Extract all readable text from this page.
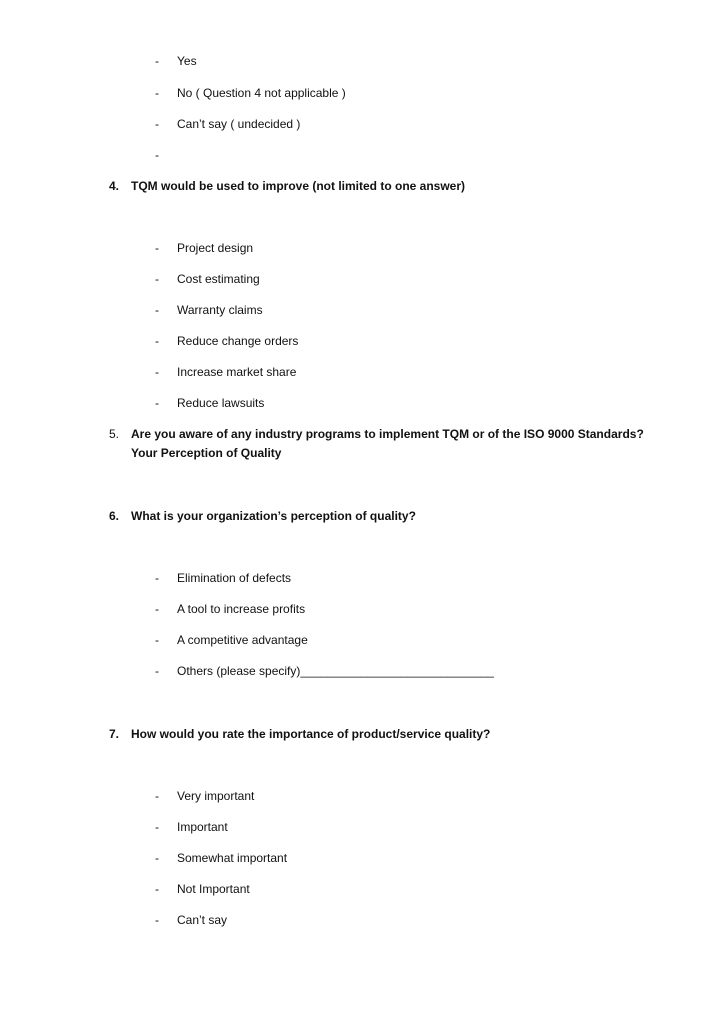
- Yes
- No ( Question 4 not applicable )
- Can’t say ( undecided )
-
4. TQM would be used to improve (not limited to one answer)
- Project design
- Cost estimating
- Warranty claims
- Reduce change orders
- Increase market share
- Reduce lawsuits
5. Are you aware of any industry programs to implement TQM or of the ISO 9000 Standards?
Your Perception of Quality
6. What is your organization’s perception of quality?
- Elimination of defects
- A tool to increase profits
- A competitive advantage
- Others (please specify)_____________________________
7. How would you rate the importance of product/service quality?
- Very important
- Important
- Somewhat important
- Not Important
- Can’t say
